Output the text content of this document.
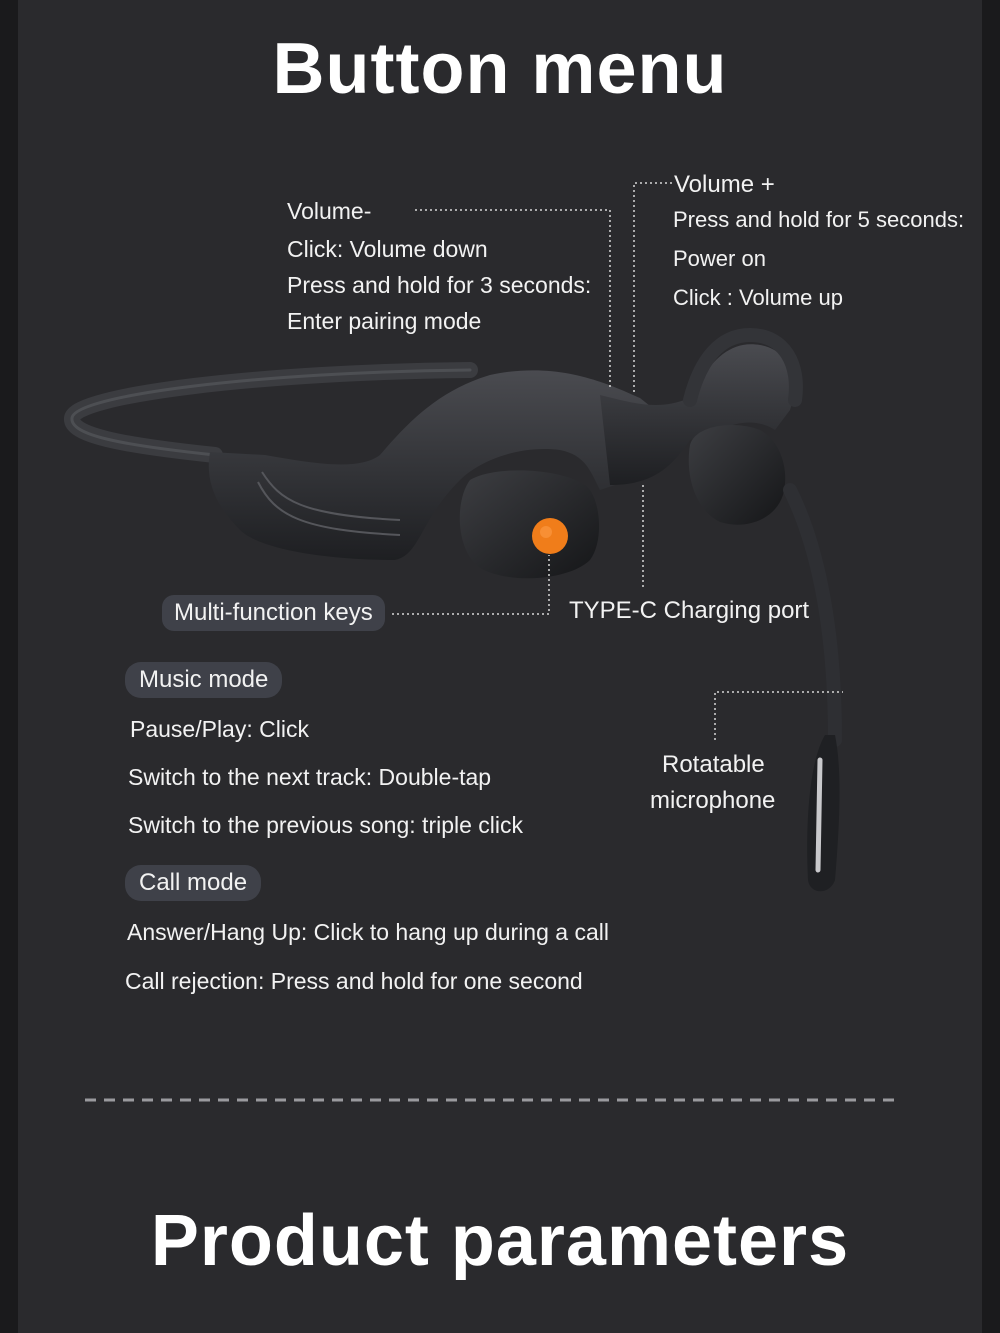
Button menu
Volume-
Click: Volume down
Press and hold for 3 seconds:
Enter pairing mode
Volume +
Press and hold for 5 seconds:
Power on
Click : Volume up
Multi-function keys	TYPE-C Charging port
Rotatable
microphone
Music mode
Pause/Play: Click
Switch to the next track: Double-tap
Switch to the previous song: triple click
Call mode
Answer/Hang Up: Click to hang up during a call
Call rejection: Press and hold for one second
Product parameters
